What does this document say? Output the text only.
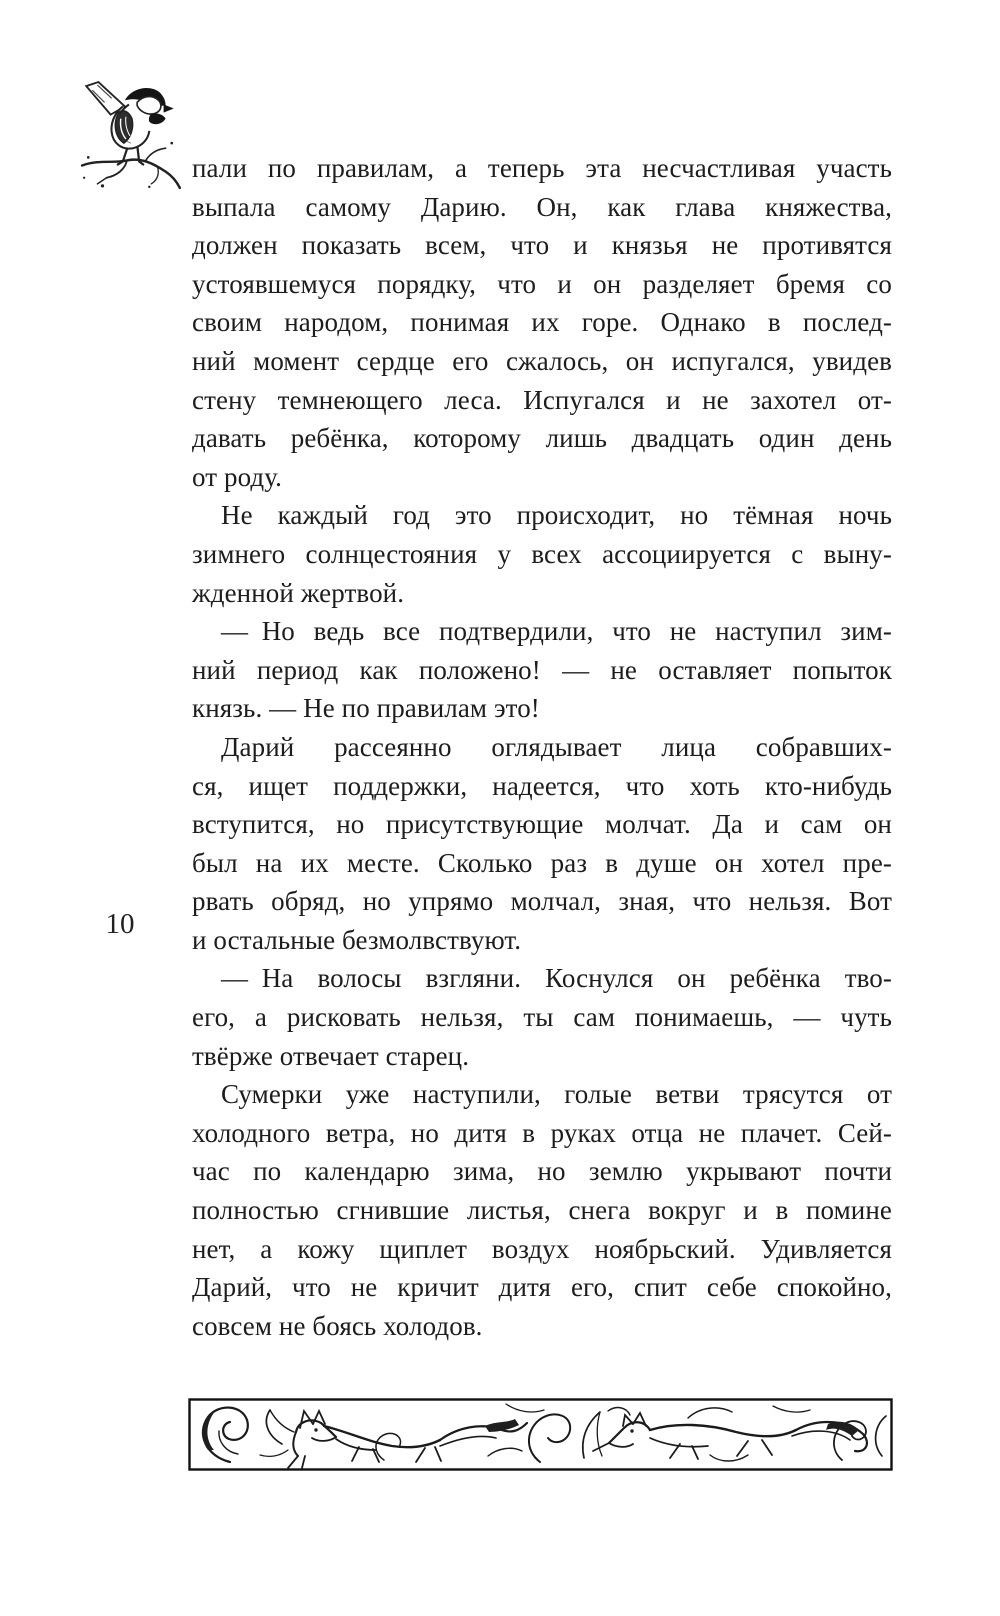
10
пали по правилам, а теперь эта несчастливая участь
выпала самому Дарию. Он, как глава княжества,
должен показать всем, что и князья не противятся
устоявшемуся порядку, что и он разделяет бремя со
своим народом, понимая их горе. Однако в послед-
ний момент сердце его сжалось, он испугался, увидев
стену темнеющего леса. Испугался и не захотел от-
давать ребёнка, которому лишь двадцать один день
от роду.
Не каждый год это происходит, но тёмная ночь
зимнего солнцестояния у всех ассоциируется с выну-
жденной жертвой.
— Но ведь все подтвердили, что не наступил зим-
ний период как положено! — не оставляет попыток
князь. — Не по правилам это!
Дарий рассеянно оглядывает лица собравших-
ся, ищет поддержки, надеется, что хоть кто-нибудь
вступится, но присутствующие молчат. Да и сам он
был на их месте. Сколько раз в душе он хотел пре-
рвать обряд, но упрямо молчал, зная, что нельзя. Вот
и остальные безмолвствуют.
— На волосы взгляни. Коснулся он ребёнка тво-
его, а рисковать нельзя, ты сам понимаешь, — чуть
твёрже отвечает старец.
Сумерки уже наступили, голые ветви трясутся от
холодного ветра, но дитя в руках отца не плачет. Сей-
час по календарю зима, но землю укрывают почти
полностью сгнившие листья, снега вокруг и в помине
нет, а кожу щиплет воздух ноябрьский. Удивляется
Дарий, что не кричит дитя его, спит себе спокойно,
совсем не боясь холодов.
